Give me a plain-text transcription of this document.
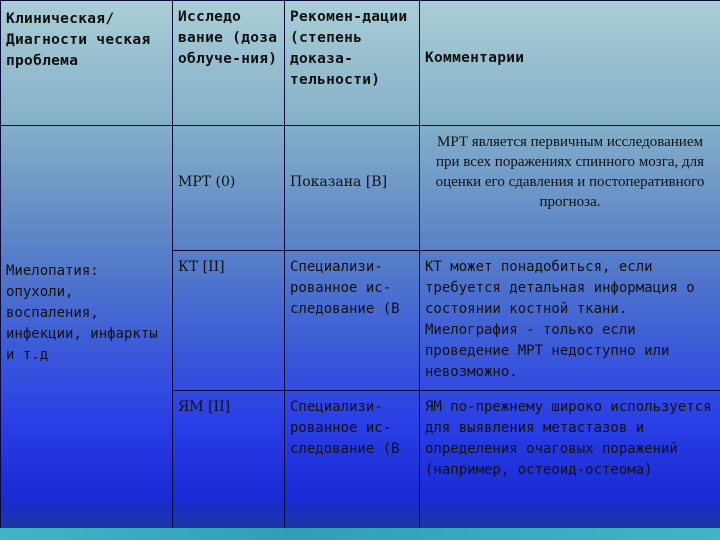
Клиническая/ Диагности ческая проблема	Исследо вание (доза облуче-ния)	Рекомен-дации (степень доказа-тельности)	Комментарии

Миелопатия: опухоли, воспаления, инфекции, инфаркты и т.д	МРТ (0)	Показана [В]	МРТ является первичным исследованием при всех поражениях спинного мозга, для оценки его сдавления и постоперативного прогноза.

	КТ [II]	Специализи-рованное ис-следование (В	КТ может понадобиться, если требуется детальная информация о состоянии костной ткани. Миелография - только если проведение МРТ недоступно или невозможно.

	ЯМ [II]	Специализи-рованное ис-следование (В	ЯМ по-прежнему широко используется для выявления метастазов и определения очаговых поражений (например, остеоид-остеома)
